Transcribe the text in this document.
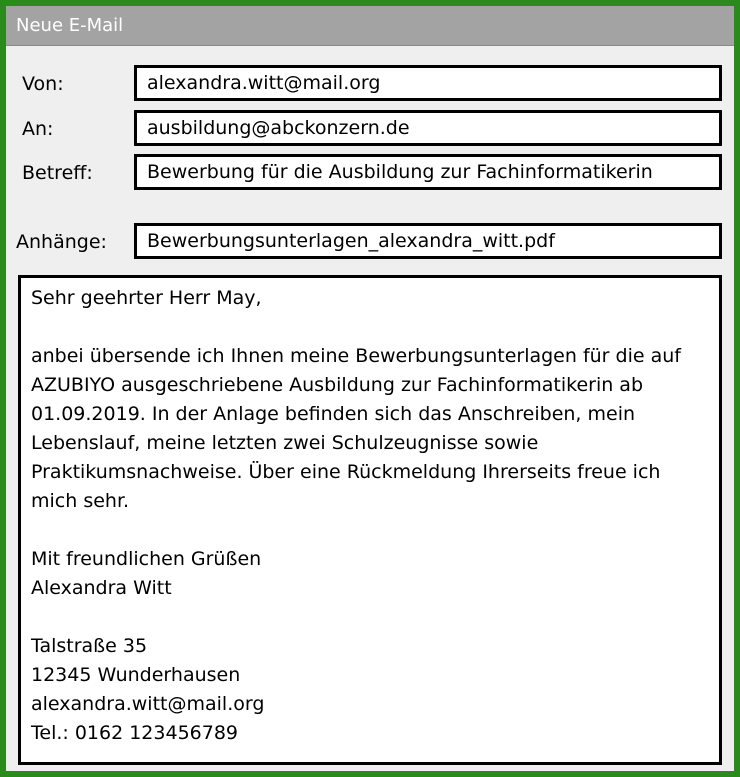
Neue E-Mail
Von:	alexandra.witt@mail.org
An:	ausbildung@abckonzern.de
Betreff:	Bewerbung für die Ausbildung zur Fachinformatikerin
Anhänge:	Bewerbungsunterlagen_alexandra_witt.pdf

Sehr geehrter Herr May,

anbei übersende ich Ihnen meine Bewerbungsunterlagen für die auf AZUBIYO ausgeschriebene Ausbildung zur Fachinformatikerin ab 01.09.2019. In der Anlage befinden sich das Anschreiben, mein Lebenslauf, meine letzten zwei Schulzeugnisse sowie Praktikumsnachweise. Über eine Rückmeldung Ihrerseits freue ich mich sehr.

Mit freundlichen Grüßen

Alexandra Witt

Talstraße 35

12345 Wunderhausen

alexandra.witt@mail.org

Tel.: 0162 123456789
